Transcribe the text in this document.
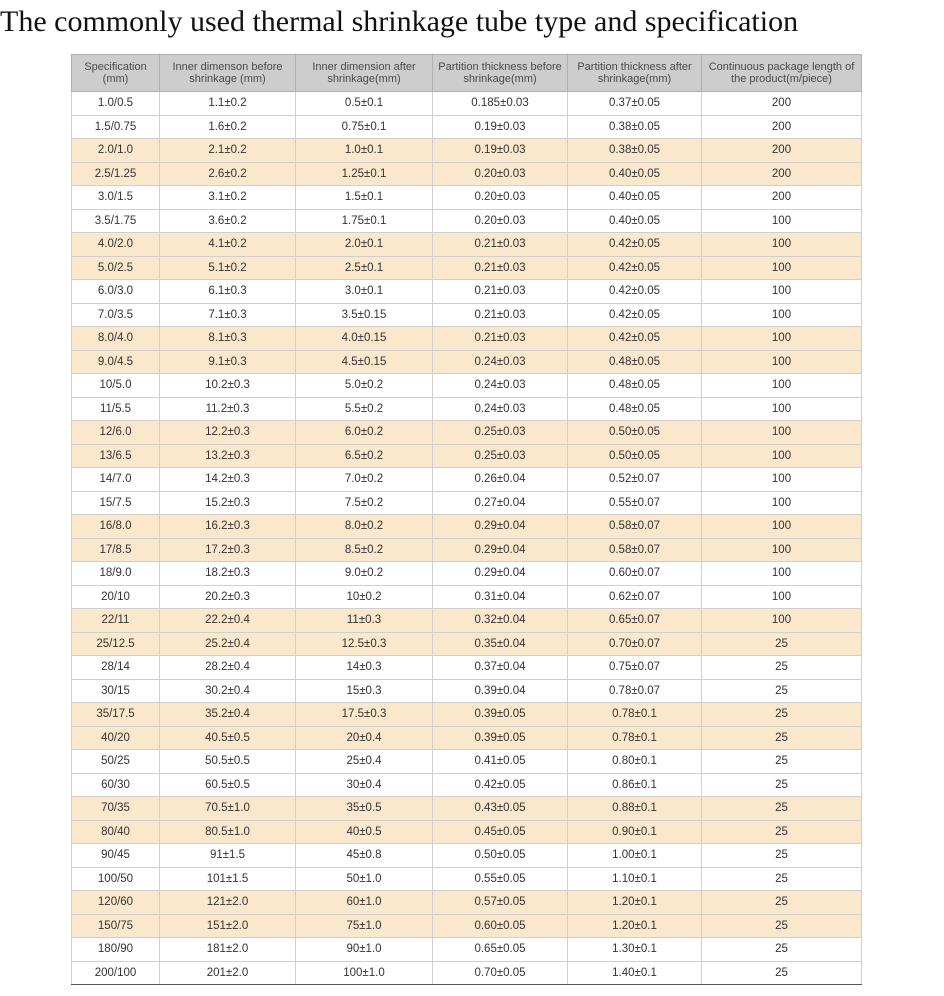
The commonly used thermal shrinkage tube type and specification
Specification (mm)	Inner dimenson before shrinkage (mm)	Inner dimension after shrinkage(mm)	Partition thickness before shrinkage(mm)	Partition thickness after shrinkage(mm)	Continuous package length of the product(m/piece)
1.0/0.5	1.1±0.2	0.5±0.1	0.185±0.03	0.37±0.05	200
1.5/0.75	1.6±0.2	0.75±0.1	0.19±0.03	0.38±0.05	200
2.0/1.0	2.1±0.2	1.0±0.1	0.19±0.03	0.38±0.05	200
2.5/1.25	2.6±0.2	1.25±0.1	0.20±0.03	0.40±0.05	200
3.0/1.5	3.1±0.2	1.5±0.1	0.20±0.03	0.40±0.05	200
3.5/1.75	3.6±0.2	1.75±0.1	0.20±0.03	0.40±0.05	100
4.0/2.0	4.1±0.2	2.0±0.1	0.21±0.03	0.42±0.05	100
5.0/2.5	5.1±0.2	2.5±0.1	0.21±0.03	0.42±0.05	100
6.0/3.0	6.1±0.3	3.0±0.1	0.21±0.03	0.42±0.05	100
7.0/3.5	7.1±0.3	3.5±0.15	0.21±0.03	0.42±0.05	100
8.0/4.0	8.1±0.3	4.0±0.15	0.21±0.03	0.42±0.05	100
9.0/4.5	9.1±0.3	4.5±0.15	0.24±0.03	0.48±0.05	100
10/5.0	10.2±0.3	5.0±0.2	0.24±0.03	0.48±0.05	100
11/5.5	11.2±0.3	5.5±0.2	0.24±0.03	0.48±0.05	100
12/6.0	12.2±0.3	6.0±0.2	0.25±0.03	0.50±0.05	100
13/6.5	13.2±0.3	6.5±0.2	0.25±0.03	0.50±0.05	100
14/7.0	14.2±0.3	7.0±0.2	0.26±0.04	0.52±0.07	100
15/7.5	15.2±0.3	7.5±0.2	0.27±0.04	0.55±0.07	100
16/8.0	16.2±0.3	8.0±0.2	0.29±0.04	0.58±0.07	100
17/8.5	17.2±0.3	8.5±0.2	0.29±0.04	0.58±0.07	100
18/9.0	18.2±0.3	9.0±0.2	0.29±0.04	0.60±0.07	100
20/10	20.2±0.3	10±0.2	0.31±0.04	0.62±0.07	100
22/11	22.2±0.4	11±0.3	0.32±0.04	0.65±0.07	100
25/12.5	25.2±0.4	12.5±0.3	0.35±0.04	0.70±0.07	25
28/14	28.2±0.4	14±0.3	0.37±0.04	0.75±0.07	25
30/15	30.2±0.4	15±0.3	0.39±0.04	0.78±0.07	25
35/17.5	35.2±0.4	17.5±0.3	0.39±0.05	0.78±0.1	25
40/20	40.5±0.5	20±0.4	0.39±0.05	0.78±0.1	25
50/25	50.5±0.5	25±0.4	0.41±0.05	0.80±0.1	25
60/30	60.5±0.5	30±0.4	0.42±0.05	0.86±0.1	25
70/35	70.5±1.0	35±0.5	0.43±0.05	0.88±0.1	25
80/40	80.5±1.0	40±0.5	0.45±0.05	0.90±0.1	25
90/45	91±1.5	45±0.8	0.50±0.05	1.00±0.1	25
100/50	101±1.5	50±1.0	0.55±0.05	1.10±0.1	25
120/60	121±2.0	60±1.0	0.57±0.05	1.20±0.1	25
150/75	151±2.0	75±1.0	0.60±0.05	1.20±0.1	25
180/90	181±2.0	90±1.0	0.65±0.05	1.30±0.1	25
200/100	201±2.0	100±1.0	0.70±0.05	1.40±0.1	25
